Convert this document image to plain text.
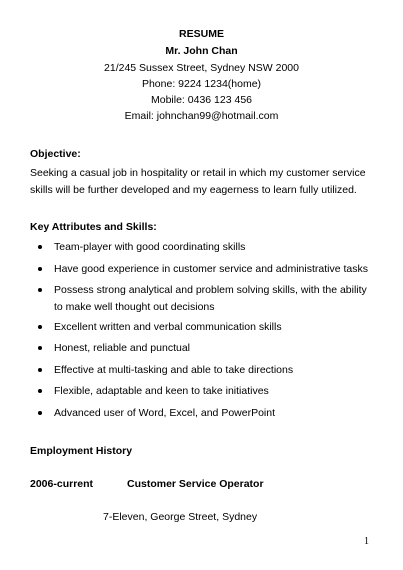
RESUME
Mr. John Chan
21/245 Sussex Street, Sydney NSW 2000
Phone: 9224 1234(home)
Mobile: 0436 123 456
Email: johnchan99@hotmail.com
Objective:
Seeking a casual job in hospitality or retail in which my customer service
skills will be further developed and my eagerness to learn fully utilized.
Key Attributes and Skills:
Team-player with good coordinating skills
Have good experience in customer service and administrative tasks
Possess strong analytical and problem solving skills, with the ability
to make well thought out decisions
Excellent written and verbal communication skills
Honest, reliable and punctual
Effective at multi-tasking and able to take directions
Flexible, adaptable and keen to take initiatives
Advanced user of Word, Excel, and PowerPoint
Employment History
2006-current	Customer Service Operator
7-Eleven, George Street, Sydney
1
